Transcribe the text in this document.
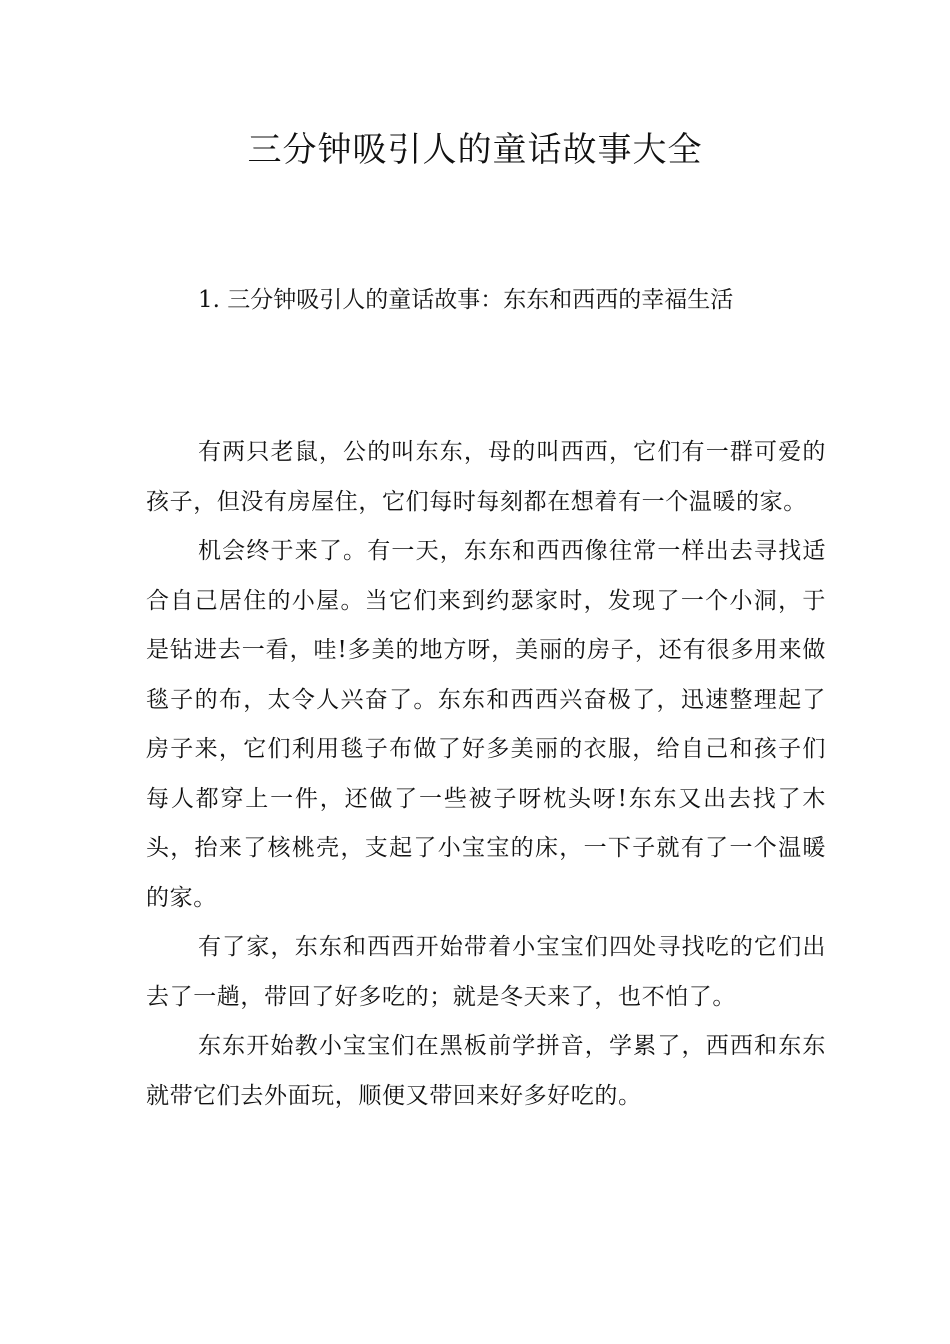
三分钟吸引人的童话故事大全
1. 三分钟吸引人的童话故事：东东和西西的幸福生活

有两只老鼠，公的叫东东，母的叫西西，它们有一群可爱的孩子，但没有房屋住，它们每时每刻都在想着有一个温暖的家。

机会终于来了。有一天，东东和西西像往常一样出去寻找适合自己居住的小屋。当它们来到约瑟家时，发现了一个小洞，于是钻进去一看，哇!多美的地方呀，美丽的房子，还有很多用来做毯子的布，太令人兴奋了。东东和西西兴奋极了，迅速整理起了房子来，它们利用毯子布做了好多美丽的衣服，给自己和孩子们每人都穿上一件，还做了一些被子呀枕头呀!东东又出去找了木头，抬来了核桃壳，支起了小宝宝的床，一下子就有了一个温暖的家。

有了家，东东和西西开始带着小宝宝们四处寻找吃的它们出去了一趟，带回了好多吃的；就是冬天来了，也不怕了。

东东开始教小宝宝们在黑板前学拼音，学累了，西西和东东就带它们去外面玩，顺便又带回来好多好吃的。
